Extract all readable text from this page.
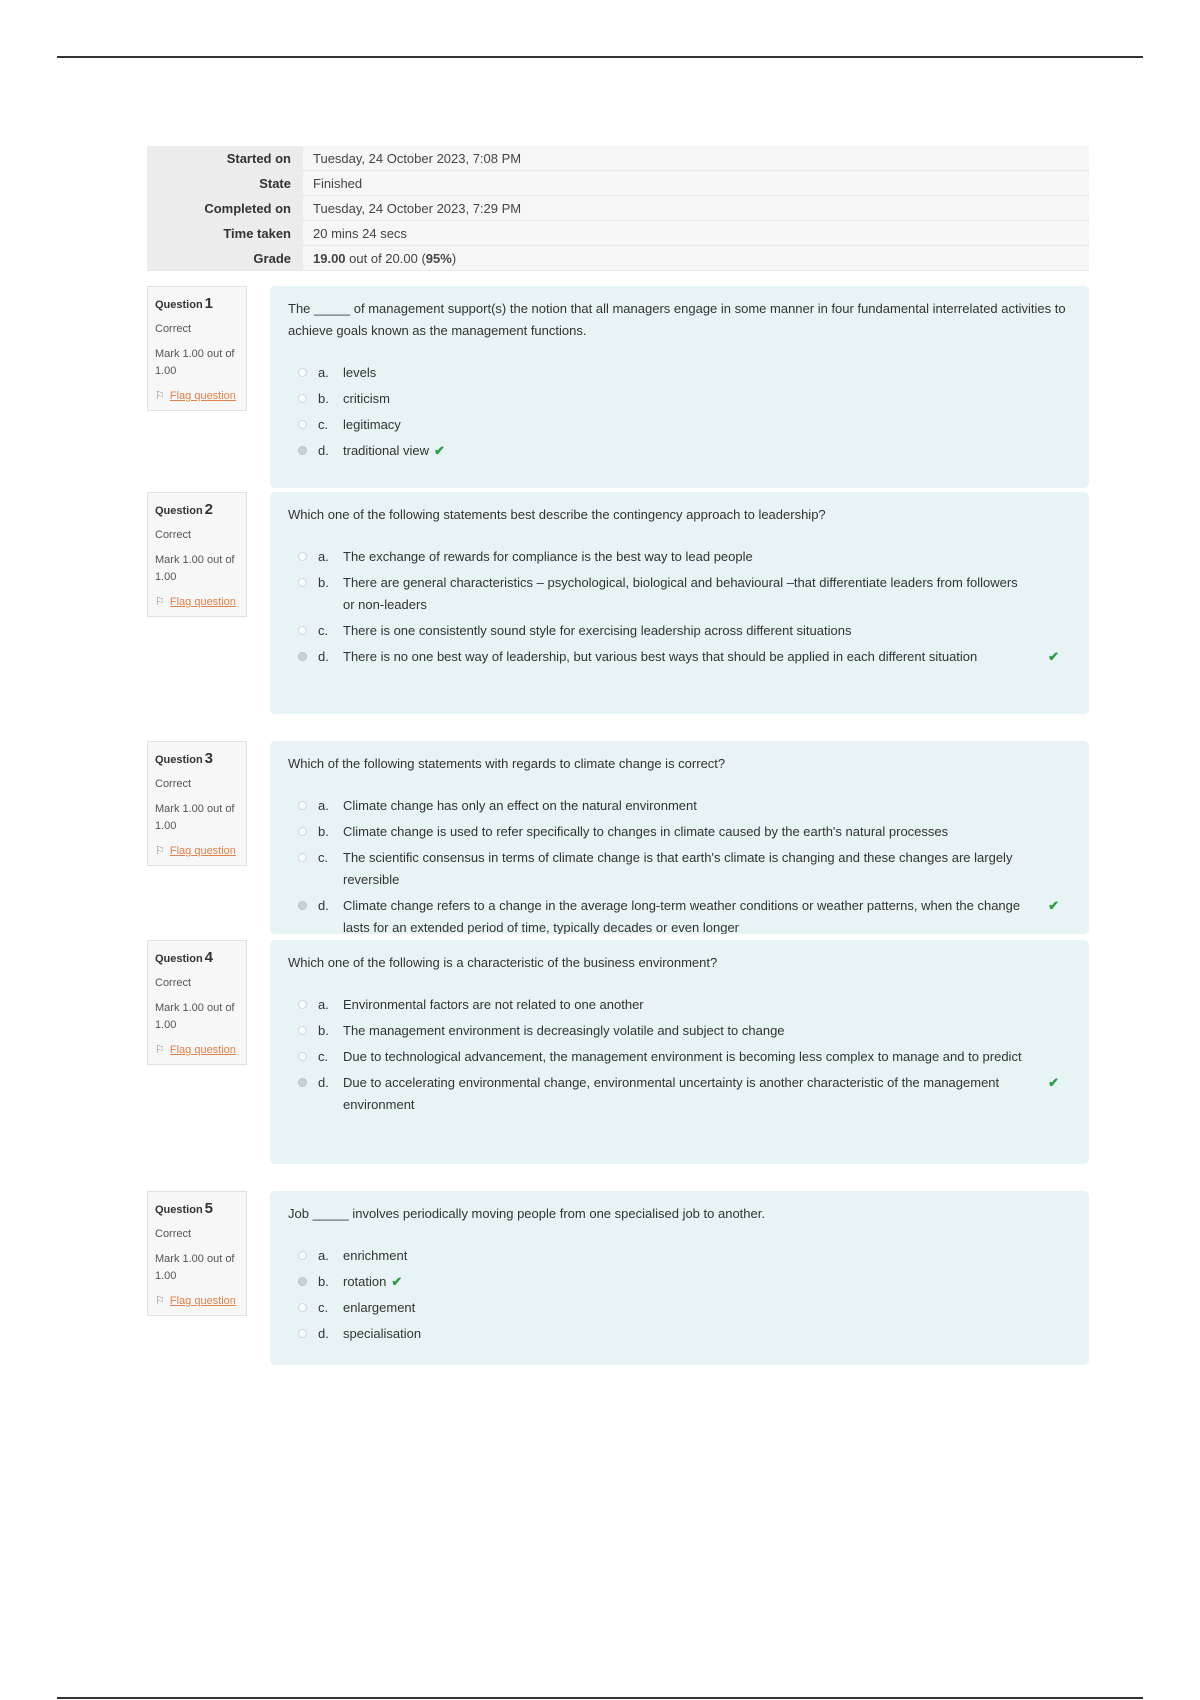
Started on	Tuesday, 24 October 2023, 7:08 PM
State	Finished
Completed on	Tuesday, 24 October 2023, 7:29 PM
Time taken	20 mins 24 secs
Grade	19.00 out of 20.00 (95%)
Question 1
Correct
Mark 1.00 out of 1.00
⚐ Flag question
The _____ of management support(s) the notion that all managers engage in some manner in four fundamental interrelated activities to achieve goals known as the management functions.
a. levels
b. criticism
c. legitimacy
d. traditional view ✔
Question 2
Correct
Mark 1.00 out of 1.00
⚐ Flag question
Which one of the following statements best describe the contingency approach to leadership?
a. The exchange of rewards for compliance is the best way to lead people
b. There are general characteristics – psychological, biological and behavioural –that differentiate leaders from followers or non-leaders
c. There is one consistently sound style for exercising leadership across different situations
d. There is no one best way of leadership, but various best ways that should be applied in each different situation	✔
Question 3
Correct
Mark 1.00 out of 1.00
⚐ Flag question
Which of the following statements with regards to climate change is correct?
a. Climate change has only an effect on the natural environment
b. Climate change is used to refer specifically to changes in climate caused by the earth's natural processes
c. The scientific consensus in terms of climate change is that earth's climate is changing and these changes are largely reversible
d. Climate change refers to a change in the average long-term weather conditions or weather patterns, when the change lasts for an extended period of time, typically decades or even longer
✔
Question 4
Correct
Mark 1.00 out of 1.00
⚐ Flag question
Which one of the following is a characteristic of the business environment?
a. Environmental factors are not related to one another
b. The management environment is decreasingly volatile and subject to change
c. Due to technological advancement, the management environment is becoming less complex to manage and to predict
d. Due to accelerating environmental change, environmental uncertainty is another characteristic of the management environment
✔
Question 5
Correct
Mark 1.00 out of 1.00
⚐ Flag question
Job _____ involves periodically moving people from one specialised job to another.
a. enrichment
b. rotation ✔
c. enlargement
d. specialisation
